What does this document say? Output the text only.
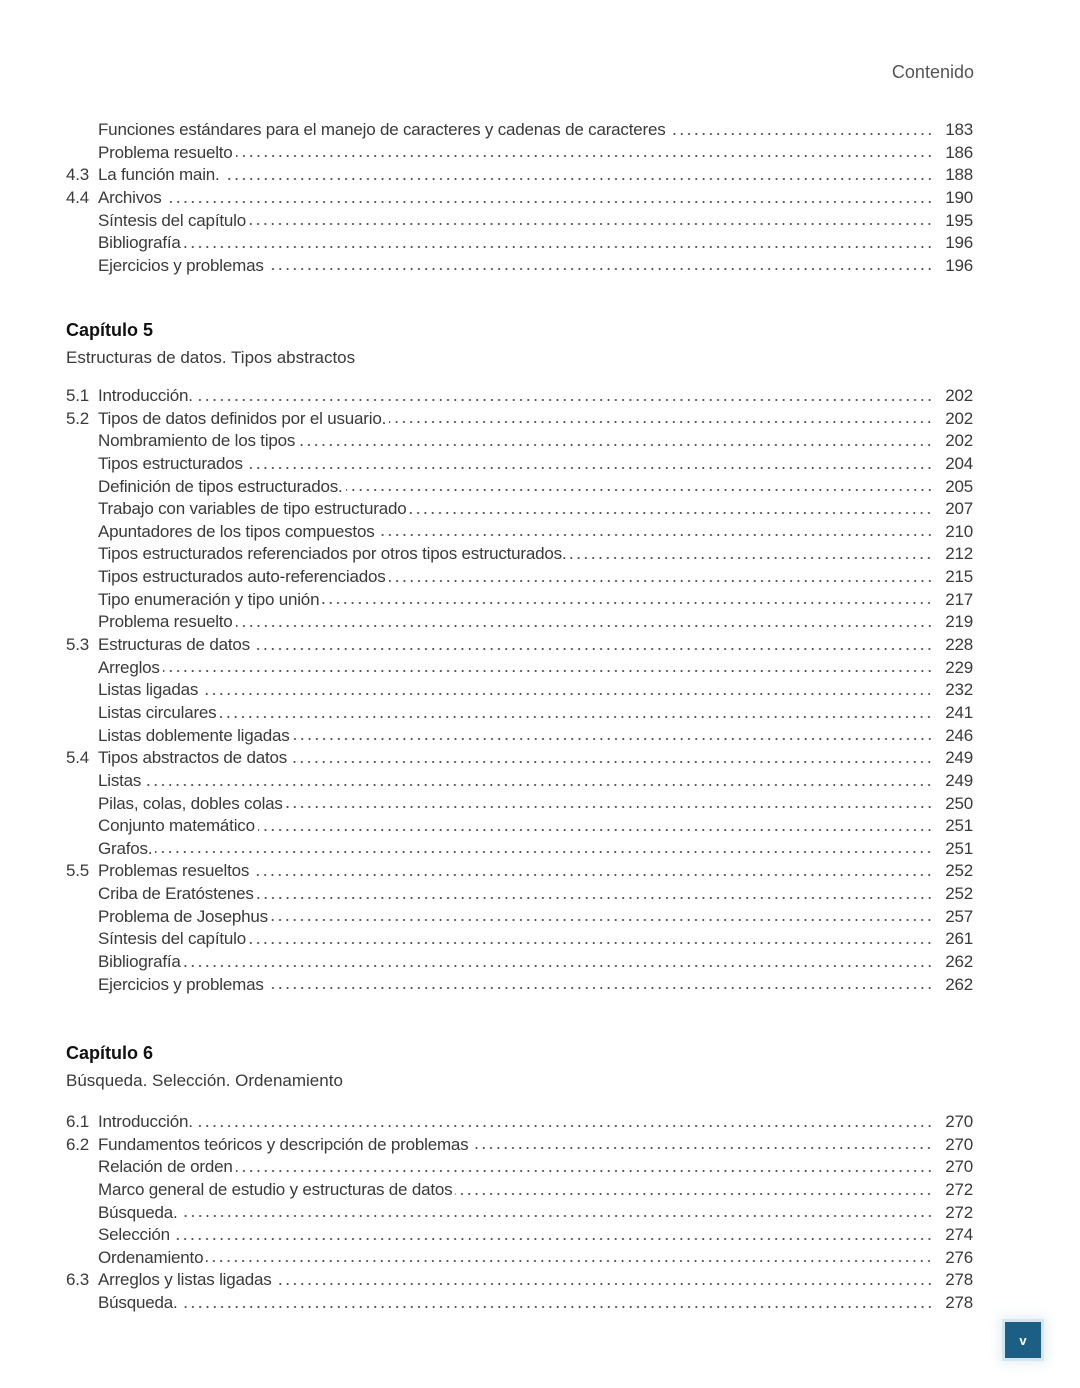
Contenido
Funciones estándares para el manejo de caracteres y cadenas de caracteres	183
Problema resuelto	186
4.3 La función main.	188
4.4 Archivos	190
Síntesis del capítulo	195
Bibliografía	196
Ejercicios y problemas	196
Capítulo 5
Estructuras de datos. Tipos abstractos
5.1 Introducción.	202
5.2 Tipos de datos definidos por el usuario.	202
Nombramiento de los tipos	202
Tipos estructurados	204
Definición de tipos estructurados.	205
Trabajo con variables de tipo estructurado	207
Apuntadores de los tipos compuestos	210
Tipos estructurados referenciados por otros tipos estructurados.	212
Tipos estructurados auto-referenciados	215
Tipo enumeración y tipo unión	217
Problema resuelto	219
5.3 Estructuras de datos	228
Arreglos	229
Listas ligadas	232
Listas circulares	241
Listas doblemente ligadas	246
5.4 Tipos abstractos de datos	249
Listas	249
Pilas, colas, dobles colas	250
Conjunto matemático	251
Grafos.	251
5.5 Problemas resueltos	252
Criba de Eratóstenes	252
Problema de Josephus	257
Síntesis del capítulo	261
Bibliografía	262
Ejercicios y problemas	262
Capítulo 6
Búsqueda. Selección. Ordenamiento
6.1 Introducción.	270
6.2 Fundamentos teóricos y descripción de problemas	270
Relación de orden	270
Marco general de estudio y estructuras de datos	272
Búsqueda.	272
Selección	274
Ordenamiento	276
6.3 Arreglos y listas ligadas	278
Búsqueda.	278
v
